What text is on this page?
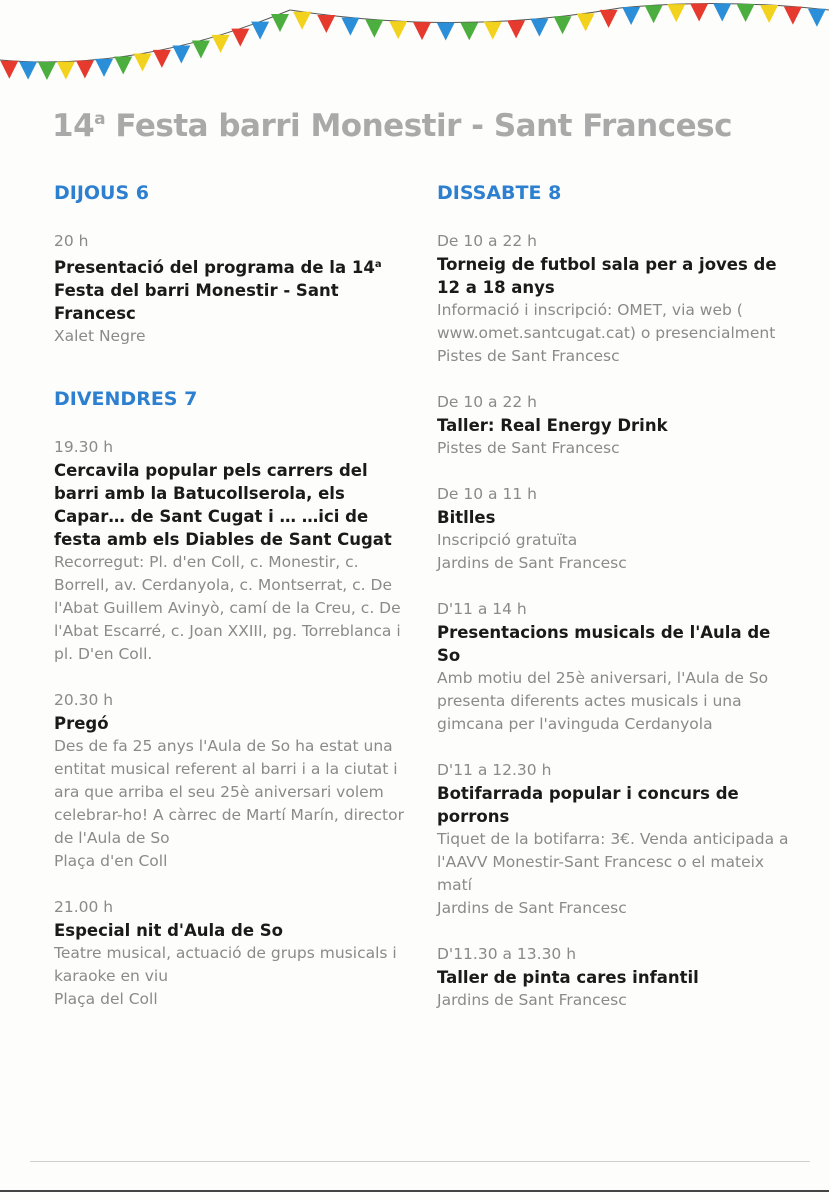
14$^a$ Festa barri Monestir - Sant Francesc
DIJOUS 6
20 h
Presentació del programa de la 14$^a$ Festa del barri Monestir - Sant Francesc
Xalet Negre
DIVENDRES 7
19.30 h
Cercavila popular pels carrers del barri amb la Batucollserola, els Capar… de Sant Cugat i … …ici de festa amb els Diables de Sant Cugat
Recorregut: Pl. d'en Coll, c. Monestir, c. Borrell, av. Cerdanyola, c. Montserrat, c. De l'Abat Guillem Avinyò, camí de la Creu, c. De l'Abat Escarré, c. Joan XXIII, pg. Torreblanca i pl. D'en Coll.
20.30 h
Pregó
Des de fa 25 anys l'Aula de So ha estat una entitat musical referent al barri i a la ciutat i ara que arriba el seu 25è aniversari volem celebrar-ho! A càrrec de Martí Marín, director de l'Aula de So
Plaça d'en Coll
21.00 h
Especial nit d'Aula de So
Teatre musical, actuació de grups musicals i karaoke en viu
Plaça del Coll
DISSABTE 8
De 10 a 22 h
Torneig de futbol sala per a joves de 12 a 18 anys
Informació i inscripció: OMET, via web ( www.omet.santcugat.cat) o presencialment
Pistes de Sant Francesc
De 10 a 22 h
Taller: Real Energy Drink
Pistes de Sant Francesc
De 10 a 11 h
Bitlles
Inscripció gratuïta
Jardins de Sant Francesc
D'11 a 14 h
Presentacions musicals de l'Aula de So
Amb motiu del 25è aniversari, l'Aula de So presenta diferents actes musicals i una gimcana per l'avinguda Cerdanyola
D'11 a 12.30 h
Botifarrada popular i concurs de porrons
Tiquet de la botifarra: 3€. Venda anticipada a l'AAVV Monestir-Sant Francesc o el mateix matí
Jardins de Sant Francesc
D'11.30 a 13.30 h
Taller de pinta cares infantil
Jardins de Sant Francesc
